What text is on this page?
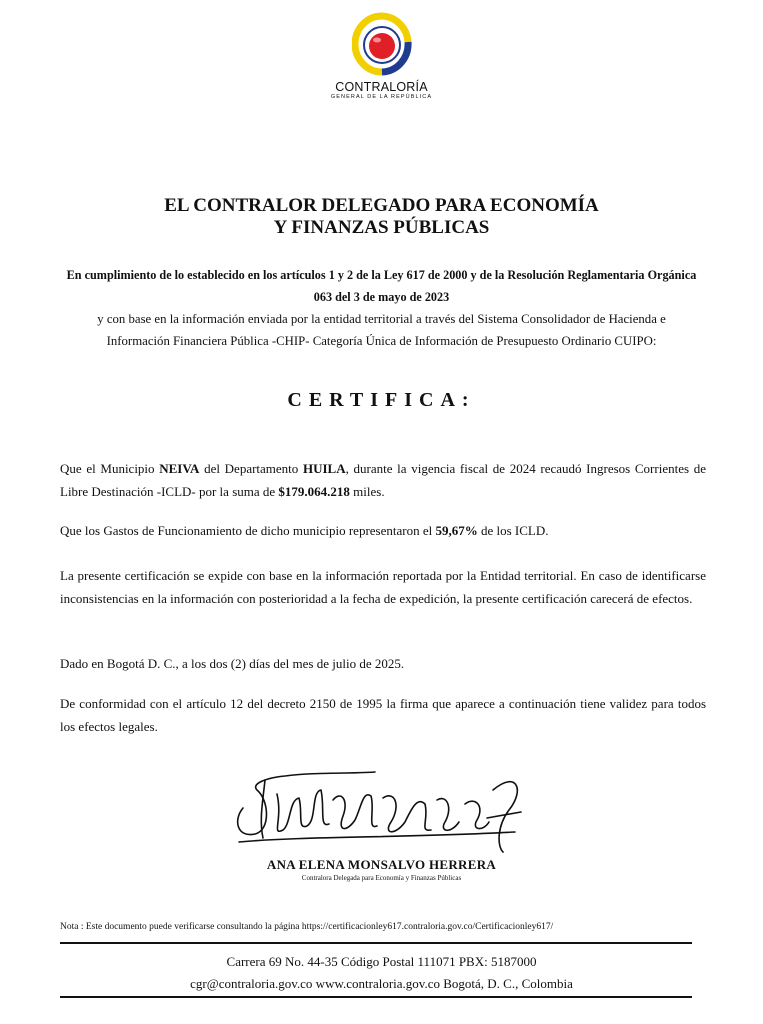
CONTRALORÍA
GENERAL DE LA REPÚBLICA
EL CONTRALOR DELEGADO PARA ECONOMÍA
Y FINANZAS PÚBLICAS
En cumplimiento de lo establecido en los artículos 1 y 2 de la Ley 617 de 2000 y de la Resolución Reglamentaria Orgánica
063 del 3 de mayo de 2023
y con base en la información enviada por la entidad territorial a través del Sistema Consolidador de Hacienda e
Información Financiera Pública -CHIP- Categoría Única de Información de Presupuesto Ordinario CUIPO:
CERTIFICA:
Que el Municipio NEIVA del Departamento HUILA, durante la vigencia fiscal de 2024 recaudó Ingresos Corrientes de Libre Destinación -ICLD- por la suma de $179.064.218 miles.
Que los Gastos de Funcionamiento de dicho municipio representaron el 59,67% de los ICLD.
La presente certificación se expide con base en la información reportada por la Entidad territorial. En caso de identificarse inconsistencias en la información con posterioridad a la fecha de expedición, la presente certificación carecerá de efectos.
Dado en Bogotá D. C., a los dos (2) días del mes de julio de 2025.
De conformidad con el artículo 12 del decreto 2150 de 1995 la firma que aparece a continuación tiene validez para todos los efectos legales.
ANA ELENA MONSALVO HERRERA
Contralora Delegada para Economía y Finanzas Públicas
Nota : Este documento puede verificarse consultando la página https://certificacionley617.contraloria.gov.co/Certificacionley617/
Carrera 69 No. 44-35 Código Postal 111071 PBX: 5187000
cgr@contraloria.gov.co www.contraloria.gov.co Bogotá, D. C., Colombia
